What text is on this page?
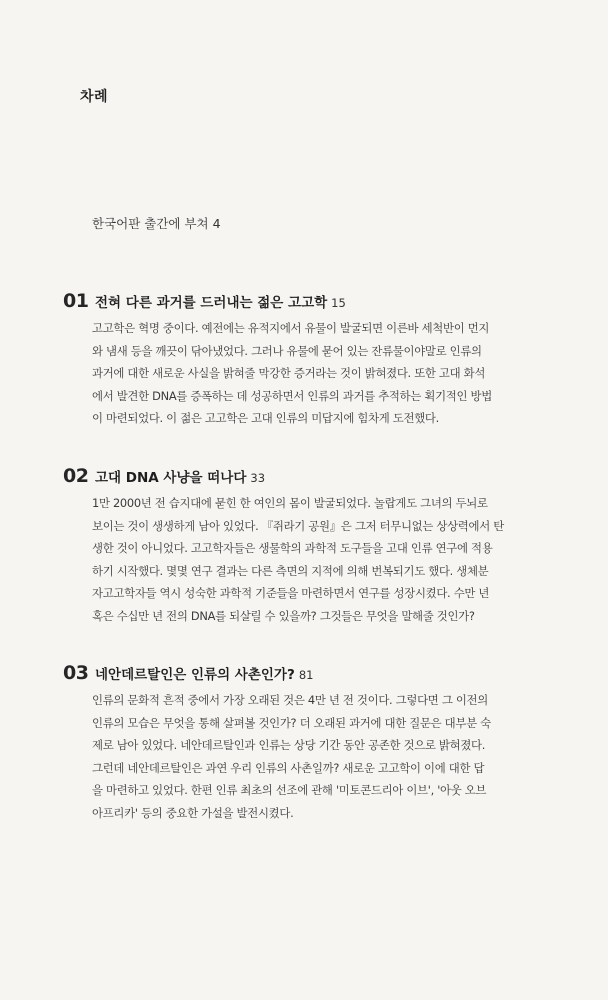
차례
한국어판 출간에 부쳐 4
01 전혀 다른 과거를 드러내는 젊은 고고학 15
고고학은 혁명 중이다. 예전에는 유적지에서 유물이 발굴되면 이른바 세척반이 먼지
와 냄새 등을 깨끗이 닦아냈었다. 그러나 유물에 묻어 있는 잔류물이야말로 인류의
과거에 대한 새로운 사실을 밝혀줄 막강한 증거라는 것이 밝혀졌다. 또한 고대 화석
에서 발견한 DNA를 증폭하는 데 성공하면서 인류의 과거를 추적하는 획기적인 방법
이 마련되었다. 이 젊은 고고학은 고대 인류의 미답지에 힘차게 도전했다.
02 고대 DNA 사냥을 떠나다 33
1만 2000년 전 습지대에 묻힌 한 여인의 몸이 발굴되었다. 놀랍게도 그녀의 두뇌로
보이는 것이 생생하게 남아 있었다. 『쥐라기 공원』은 그저 터무니없는 상상력에서 탄
생한 것이 아니었다. 고고학자들은 생물학의 과학적 도구들을 고대 인류 연구에 적용
하기 시작했다. 몇몇 연구 결과는 다른 측면의 지적에 의해 번복되기도 했다. 생체분
자고고학자들 역시 성숙한 과학적 기준들을 마련하면서 연구를 성장시켰다. 수만 년
혹은 수십만 년 전의 DNA를 되살릴 수 있을까? 그것들은 무엇을 말해줄 것인가?
03 네안데르탈인은 인류의 사촌인가? 81
인류의 문화적 흔적 중에서 가장 오래된 것은 4만 년 전 것이다. 그렇다면 그 이전의
인류의 모습은 무엇을 통해 살펴볼 것인가? 더 오래된 과거에 대한 질문은 대부분 숙
제로 남아 있었다. 네안데르탈인과 인류는 상당 기간 동안 공존한 것으로 밝혀졌다.
그런데 네안데르탈인은 과연 우리 인류의 사촌일까? 새로운 고고학이 이에 대한 답
을 마련하고 있었다. 한편 인류 최초의 선조에 관해 '미토콘드리아 이브', '아웃 오브
아프리카' 등의 중요한 가설을 발전시켰다.
